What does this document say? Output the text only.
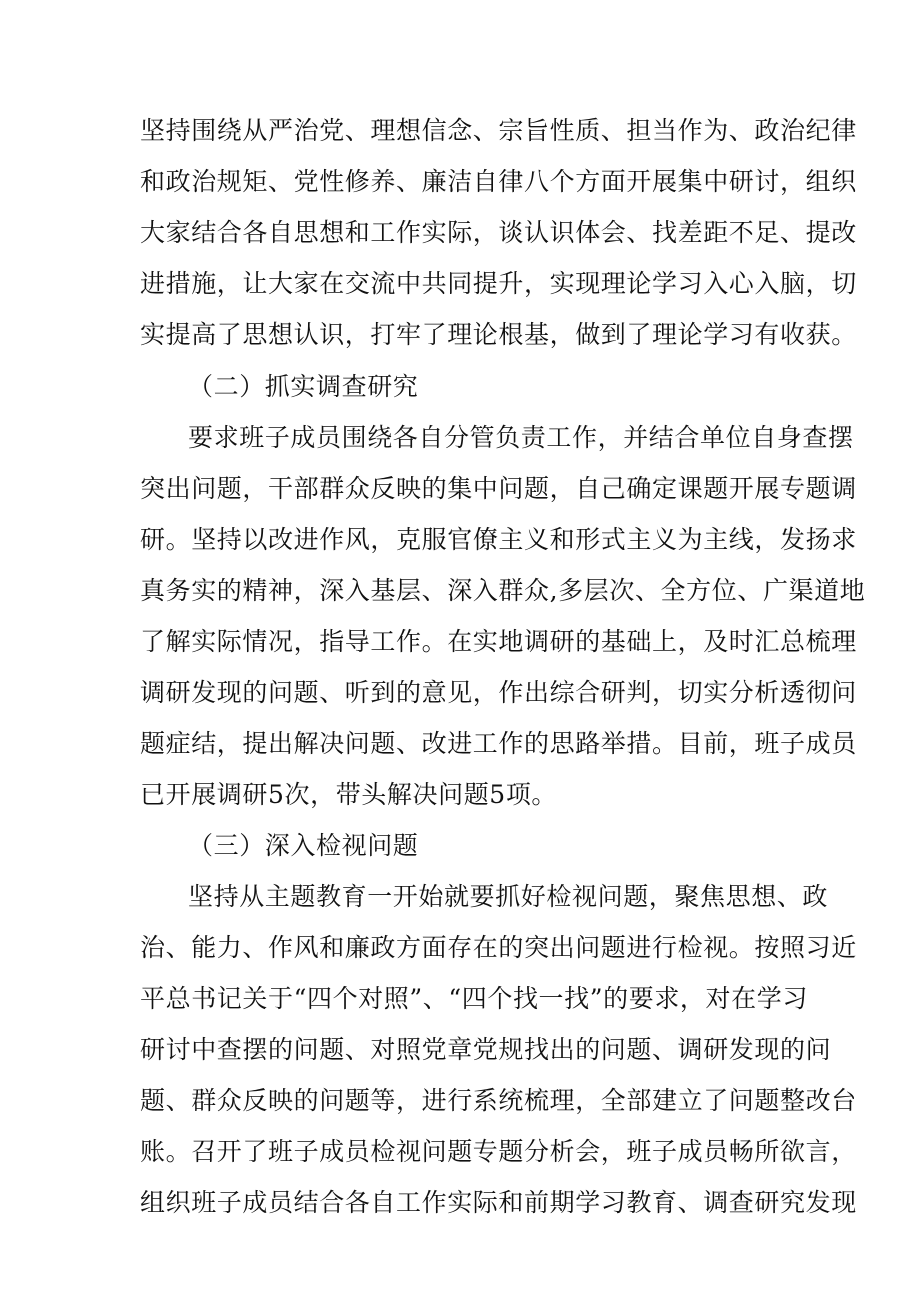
坚持围绕从严治党、理想信念、宗旨性质、担当作为、政治纪律

和政治规矩、党性修养、廉洁自律八个方面开展集中研讨，组织

大家结合各自思想和工作实际，谈认识体会、找差距不足、提改

进措施，让大家在交流中共同提升，实现理论学习入心入脑，切

实提高了思想认识，打牢了理论根基，做到了理论学习有收获。

（二）抓实调查研究

要求班子成员围绕各自分管负责工作，并结合单位自身查摆

突出问题，干部群众反映的集中问题，自己确定课题开展专题调

研。坚持以改进作风，克服官僚主义和形式主义为主线，发扬求

真务实的精神，深入基层、深入群众,多层次、全方位、广渠道地

了解实际情况，指导工作。在实地调研的基础上，及时汇总梳理

调研发现的问题、听到的意见，作出综合研判，切实分析透彻问

题症结，提出解决问题、改进工作的思路举措。目前，班子成员

已开展调研5次，带头解决问题5项。

（三）深入检视问题

坚持从主题教育一开始就要抓好检视问题，聚焦思想、政

治、能力、作风和廉政方面存在的突出问题进行检视。按照习近

平总书记关于“四个对照”、“四个找一找”的要求，对在学习

研讨中查摆的问题、对照党章党规找出的问题、调研发现的问

题、群众反映的问题等，进行系统梳理，全部建立了问题整改台

账。召开了班子成员检视问题专题分析会，班子成员畅所欲言，

组织班子成员结合各自工作实际和前期学习教育、调查研究发现
